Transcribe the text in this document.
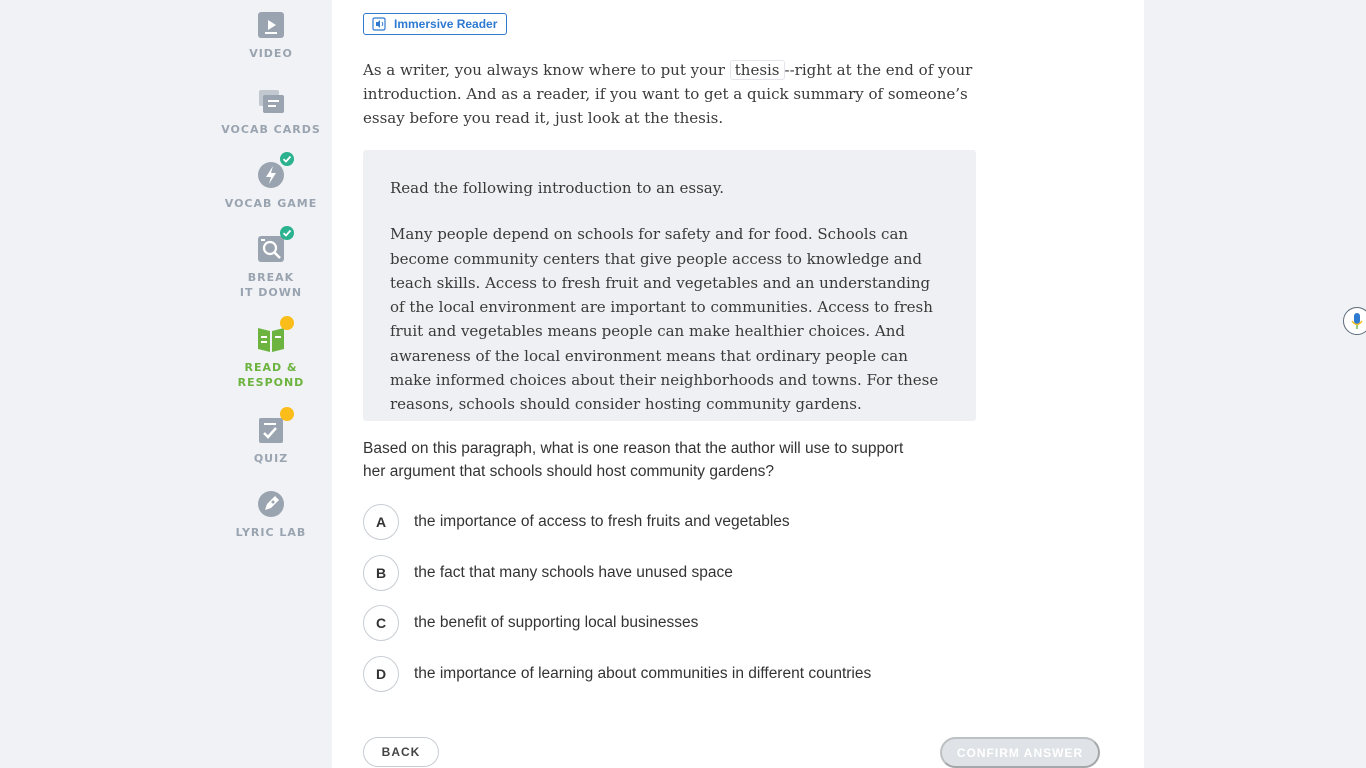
VIDEO
VOCAB CARDS
VOCAB GAME
BREAK IT DOWN
READ & RESPOND
QUIZ
LYRIC LAB
Immersive Reader

As a writer, you always know where to put your thesis --right at the end of your introduction. And as a reader, if you want to get a quick summary of someone’s essay before you read it, just look at the thesis.

Read the following introduction to an essay.

Many people depend on schools for safety and for food. Schools can become community centers that give people access to knowledge and teach skills. Access to fresh fruit and vegetables and an understanding of the local environment are important to communities. Access to fresh fruit and vegetables means people can make healthier choices. And awareness of the local environment means that ordinary people can make informed choices about their neighborhoods and towns. For these reasons, schools should consider hosting community gardens.

Based on this paragraph, what is one reason that the author will use to support her argument that schools should host community gardens?

A	the importance of access to fresh fruits and vegetables
B	the fact that many schools have unused space
C	the benefit of supporting local businesses
D	the importance of learning about communities in different countries
BACK	CONFIRM ANSWER
